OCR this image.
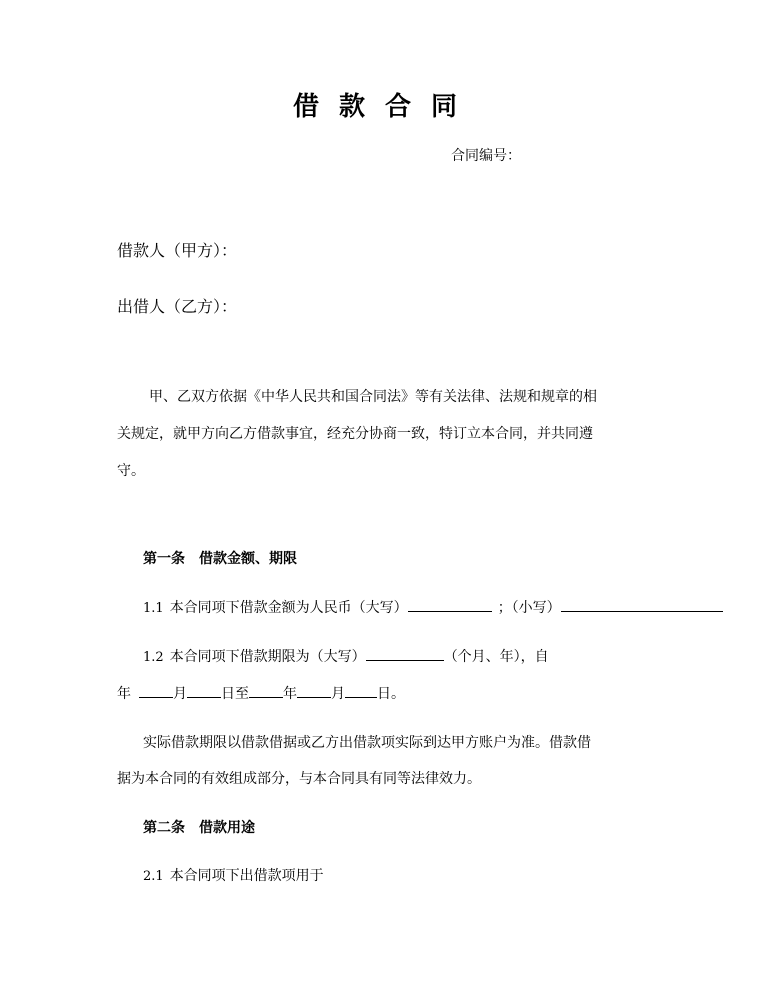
借款合同
合同编号：
借款人（甲方）：
出借人（乙方）：
甲、乙双方依据《中华人民共和国合同法》等有关法律、法规和规章的相
关规定，就甲方向乙方借款事宜，经充分协商一致，特订立本合同，并共同遵
守。
第一条　借款金额、期限
1.1 本合同项下借款金额为人民币（大写）	；（小写）
1.2 本合同项下借款期限为（大写）	（个月、年），自
年	月 日至 年 月 日。
实际借款期限以借款借据或乙方出借款项实际到达甲方账户为准。借款借
据为本合同的有效组成部分，与本合同具有同等法律效力。
第二条　借款用途
2.1 本合同项下出借款项用于
